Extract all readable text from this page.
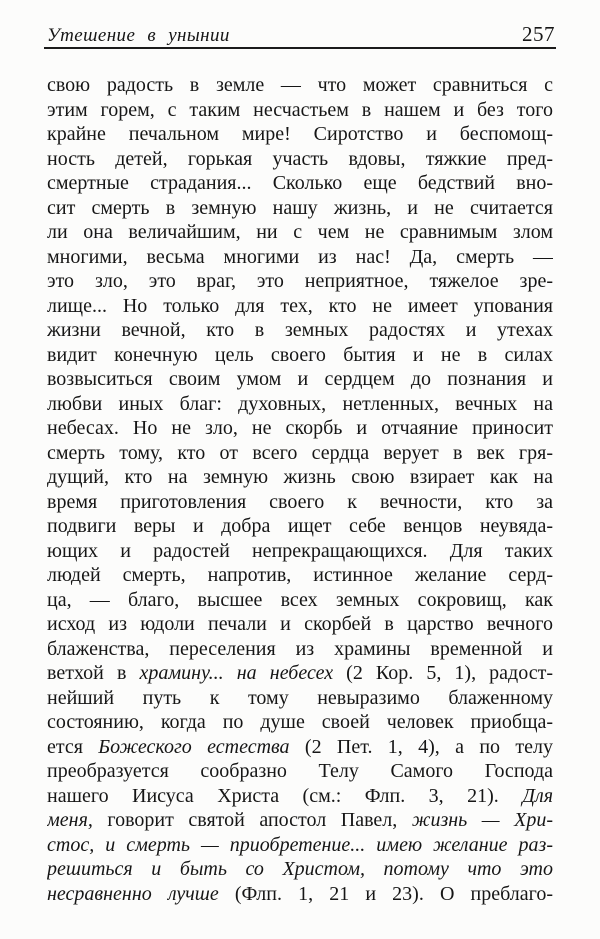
Утешение в унынии	257
свою радость в земле — что может сравниться с
этим горем, с таким несчастьем в нашем и без того
крайне печальном мире! Сиротство и беспомощ-
ность детей, горькая участь вдовы, тяжкие пред-
смертные страдания... Сколько еще бедствий вно-
сит смерть в земную нашу жизнь, и не считается
ли она величайшим, ни с чем не сравнимым злом
многими, весьма многими из нас! Да, смерть —
это зло, это враг, это неприятное, тяжелое зре-
лище... Но только для тех, кто не имеет упования
жизни вечной, кто в земных радостях и утехах
видит конечную цель своего бытия и не в силах
возвыситься своим умом и сердцем до познания и
любви иных благ: духовных, нетленных, вечных на
небесах. Но не зло, не скорбь и отчаяние приносит
смерть тому, кто от всего сердца верует в век гря-
дущий, кто на земную жизнь свою взирает как на
время приготовления своего к вечности, кто за
подвиги веры и добра ищет себе венцов неувяда-
ющих и радостей непрекращающихся. Для таких
людей смерть, напротив, истинное желание серд-
ца, — благо, высшее всех земных сокровищ, как
исход из юдоли печали и скорбей в царство вечного
блаженства, переселения из храмины временной и
ветхой в храмину... на небесех (2 Кор. 5, 1), радост-
нейший путь к тому невыразимо блаженному
состоянию, когда по душе своей человек приобща-
ется Божеского естества (2 Пет. 1, 4), а по телу
преобразуется сообразно Телу Самого Господа
нашего Иисуса Христа (см.: Флп. 3, 21). Для
меня, говорит святой апостол Павел, жизнь — Хри-
стос, и смерть — приобретение... имею желание раз-
решиться и быть со Христом, потому что это
несравненно лучше (Флп. 1, 21 и 23). О преблаго-
